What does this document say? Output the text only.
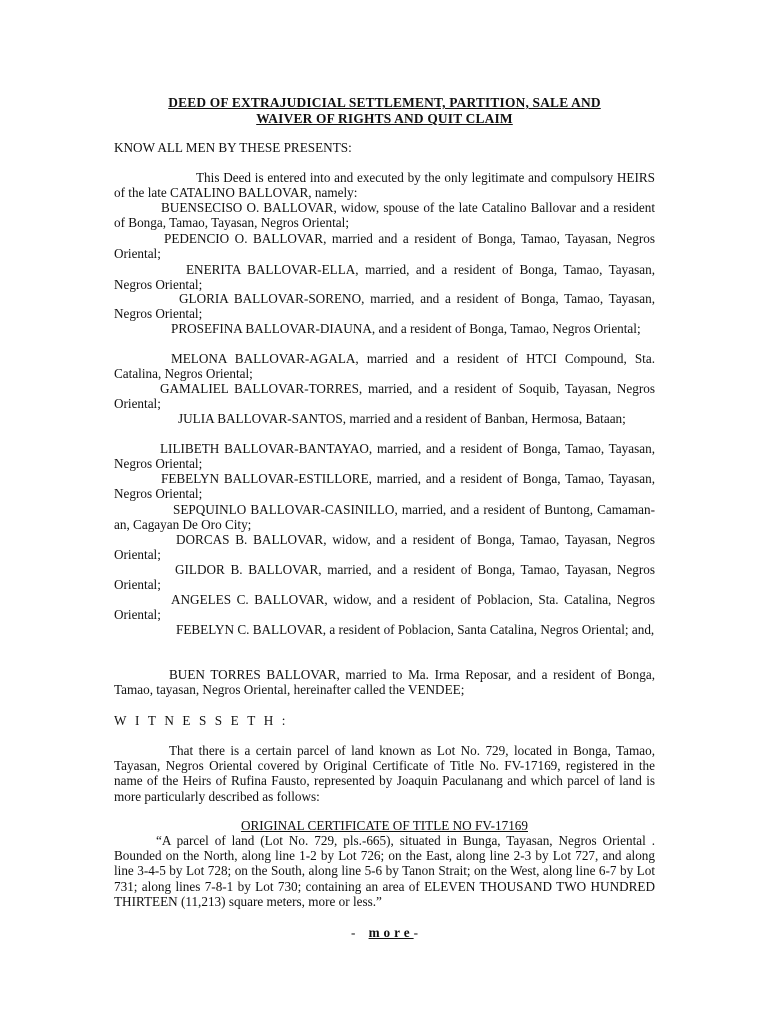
DEED OF EXTRAJUDICIAL SETTLEMENT, PARTITION, SALE AND
WAIVER OF RIGHTS AND QUIT CLAIM
KNOW ALL MEN BY THESE PRESENTS:
This Deed is entered into and executed by the only legitimate and compulsory HEIRS of the late CATALINO BALLOVAR, namely:
BUENSECISO O. BALLOVAR, widow, spouse of the late Catalino Ballovar and a resident of Bonga, Tamao, Tayasan, Negros Oriental;
PEDENCIO O. BALLOVAR, married and a resident of Bonga, Tamao, Tayasan, Negros Oriental;
ENERITA BALLOVAR-ELLA, married, and a resident of Bonga, Tamao, Tayasan, Negros Oriental;
GLORIA BALLOVAR-SORENO, married, and a resident of Bonga, Tamao, Tayasan, Negros Oriental;
PROSEFINA BALLOVAR-DIAUNA, and a resident of Bonga, Tamao, Negros Oriental;
MELONA BALLOVAR-AGALA, married and a resident of HTCI Compound, Sta. Catalina, Negros Oriental;
GAMALIEL BALLOVAR-TORRES, married, and a resident of Soquib, Tayasan, Negros Oriental;
JULIA BALLOVAR-SANTOS, married and a resident of Banban, Hermosa, Bataan;
LILIBETH BALLOVAR-BANTAYAO, married, and a resident of Bonga, Tamao, Tayasan, Negros Oriental;
FEBELYN BALLOVAR-ESTILLORE, married, and a resident of Bonga, Tamao, Tayasan, Negros Oriental;
SEPQUINLO BALLOVAR-CASINILLO, married, and a resident of Buntong, Camaman-an, Cagayan De Oro City;
DORCAS B. BALLOVAR, widow, and a resident of Bonga, Tamao, Tayasan, Negros Oriental;
GILDOR B. BALLOVAR, married, and a resident of Bonga, Tamao, Tayasan, Negros Oriental;
ANGELES C. BALLOVAR, widow, and a resident of Poblacion, Sta. Catalina, Negros Oriental;
FEBELYN C. BALLOVAR, a resident of Poblacion, Santa Catalina, Negros Oriental; and,
BUEN TORRES BALLOVAR, married to Ma. Irma Reposar, and a resident of Bonga, Tamao, tayasan, Negros Oriental, hereinafter called the VENDEE;
WITNESSETH:
That there is a certain parcel of land known as Lot No. 729, located in Bonga, Tamao, Tayasan, Negros Oriental covered by Original Certificate of Title No. FV-17169, registered in the name of the Heirs of Rufina Fausto, represented by Joaquin Paculanang and which parcel of land is more particularly described as follows:
ORIGINAL CERTIFICATE OF TITLE NO FV-17169
“A parcel of land (Lot No. 729, pls.-665), situated in Bunga, Tayasan, Negros Oriental . Bounded on the North, along line 1-2 by Lot 726; on the East, along line 2-3 by Lot 727, and along line 3-4-5 by Lot 728; on the South, along line 5-6 by Tanon Strait; on the West, along line 6-7 by Lot 731; along lines 7-8-1 by Lot 730; containing an area of ELEVEN THOUSAND TWO HUNDRED THIRTEEN (11,213) square meters, more or less.”
- more-
